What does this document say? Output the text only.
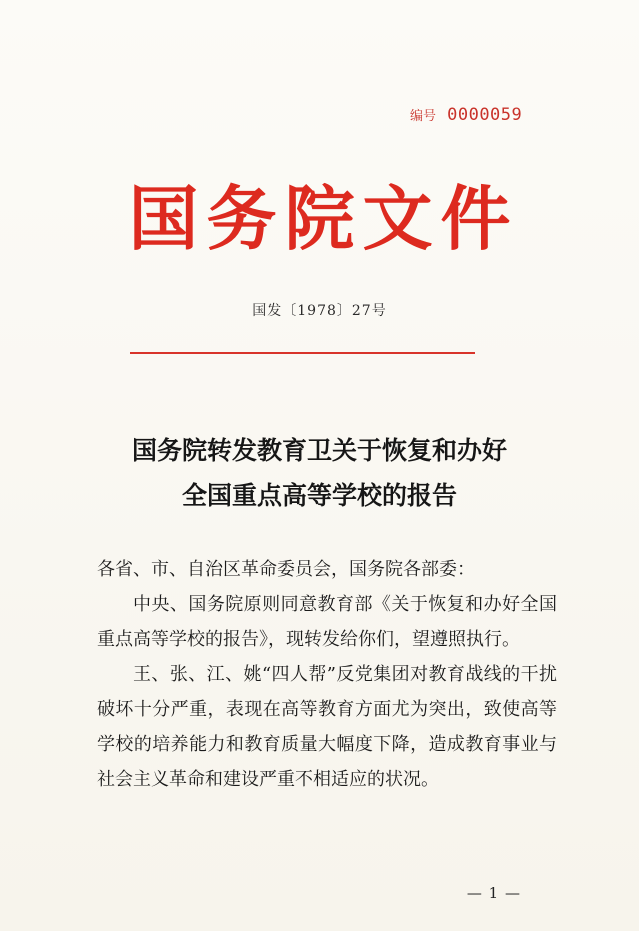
编号 0000059
国务院文件
国发〔1978〕27号
国务院转发教育卫关于恢复和办好
全国重点高等学校的报告

各省、市、自治区革命委员会，国务院各部委：

中央、国务院原则同意教育部《关于恢复和办好全国重点高等学校的报告》，现转发给你们，望遵照执行。

王、张、江、姚“四人帮”反党集团对教育战线的干扰破坏十分严重，表现在高等教育方面尤为突出，致使高等学校的培养能力和教育质量大幅度下降，造成教育事业与社会主义革命和建设严重不相适应的状况。

— 1 —
